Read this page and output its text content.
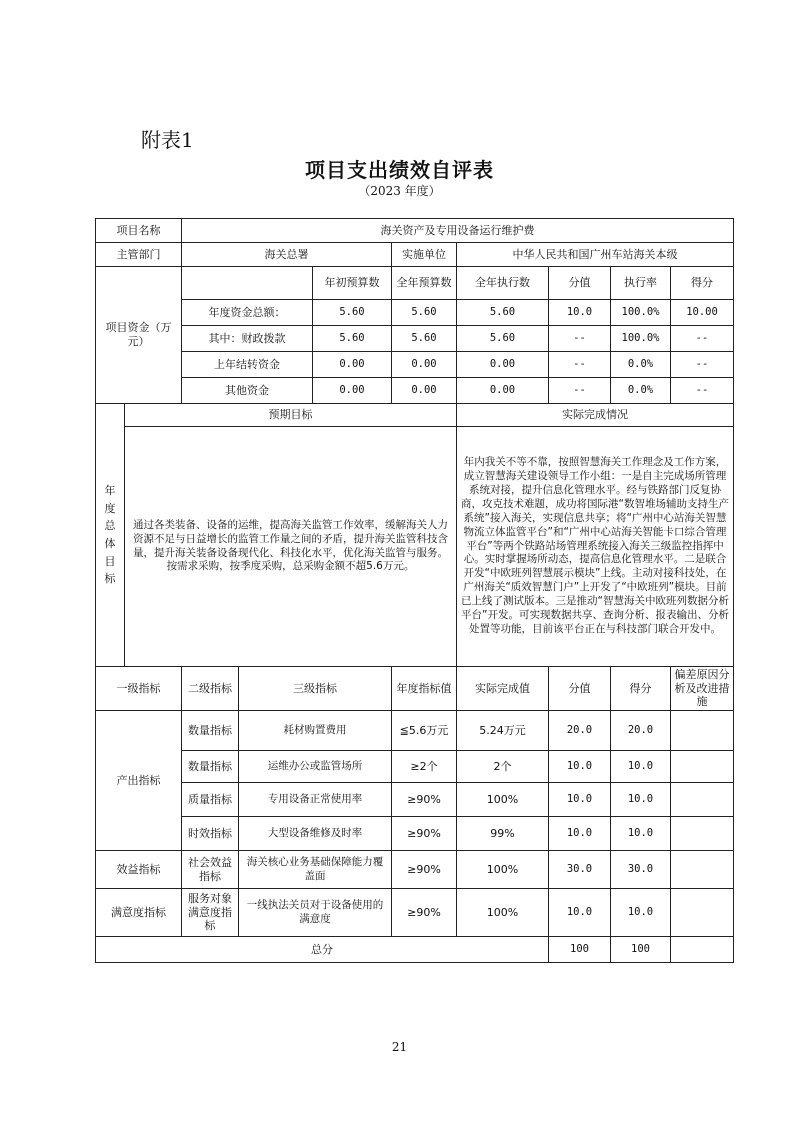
附表1
项目支出绩效自评表
（2023 年度）
项目名称		海关资产及专用设备运行维护费							
主管部门		海关总署			实施单位	中华人民共和国广州车站海关本级			
项目资金（万元）				年初预算数	全年预算数	全年执行数	分值	执行率	得分
		年度资金总额：		5.60	5.60	5.60	10.0	100.0%	10.00
		其中：财政拨款		5.60	5.60	5.60	--	100.0%	--
		上年结转资金		0.00	0.00	0.00	--	0.0%	--
		其他资金		0.00	0.00	0.00	--	0.0%	--
年度总体目标	预期目标					实际完成情况			
	通过各类装备、设备的运维，提高海关监管工作效率，缓解海关人力资源不足与日益增长的监管工作量之间的矛盾，提升海关监管科技含量，提升海关装备设备现代化、科技化水平，优化海关监管与服务。按需求采购，按季度采购，总采购金额不超5.6万元。					年内我关不等不靠，按照智慧海关工作理念及工作方案，成立智慧海关建设领导工作小组：一是自主完成场所管理系统对接，提升信息化管理水平。经与铁路部门反复协商，攻克技术难题，成功将国际港“数智堆场辅助支持生产系统”接入海关，实现信息共享；将“广州中心站海关智慧物流立体监管平台”和“广州中心站海关智能卡口综合管理平台”等两个铁路站场管理系统接入海关三级监控指挥中心。实时掌握场所动态，提高信息化管理水平。二是联合开发“中欧班列智慧展示模块”上线。主动对接科技处，在广州海关“质效智慧门户”上开发了“中欧班列”模块。目前已上线了测试版本。三是推动“智慧海关中欧班列数据分析平台”开发。可实现数据共享、查询分析、报表输出、分析处置等功能，目前该平台正在与科技部门联合开发中。			
一级指标		二级指标	三级指标		年度指标值	实际完成值	分值	得分	偏差原因分析及改进措施
产出指标		数量指标	耗材购置费用		≦5.6万元	5.24万元	20.0	20.0	
		数量指标	运维办公或监管场所		≥2个	2个	10.0	10.0	
		质量指标	专用设备正常使用率		≥90%	100%	10.0	10.0	
		时效指标	大型设备维修及时率		≥90%	99%	10.0	10.0	
效益指标		社会效益指标	海关核心业务基础保障能力覆盖面		≥90%	100%	30.0	30.0	
满意度指标		服务对象满意度指标	一线执法关员对于设备使用的满意度		≥90%	100%	10.0	10.0	
总分							100	100	
21
